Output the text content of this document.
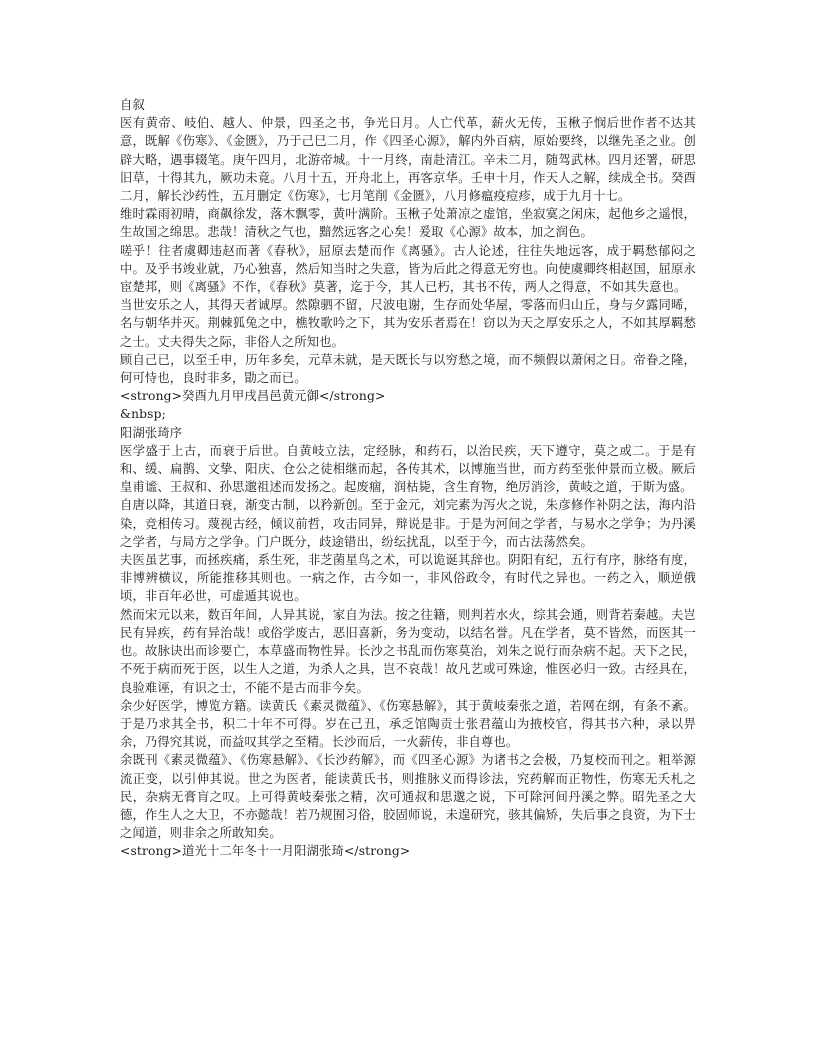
自叙

医有黄帝、岐伯、越人、仲景，四圣之书，争光日月。人亡代革，薪火无传，玉楸子悯后世作者不达其意，既解《伤寒》、《金匮》，乃于己巳二月，作《四圣心源》，解内外百病，原始要终，以继先圣之业。创辟大略，遇事辍笔。庚午四月，北游帝城。十一月终，南赴清江。辛未二月，随驾武林。四月还署，研思旧草，十得其九，厥功未竟。八月十五，开舟北上，再客京华。壬申十月，作天人之解，续成全书。癸酉二月，解长沙药性，五月删定《伤寒》，七月笔削《金匮》，八月修瘟疫痘疹，成于九月十七。

维时霖雨初晴，商飙徐发，落木飘零，黄叶满阶。玉楸子处萧凉之虚馆，坐寂寞之闲床，起他乡之遥恨，生故国之绵思。悲哉！清秋之气也，黯然远客之心矣！爰取《心源》故本，加之润色。

嗟乎！往者虞卿违赵而著《春秋》，屈原去楚而作《离骚》。古人论述，往往失地远客，成于羁愁郁闷之中。及乎书竣业就，乃心独喜，然后知当时之失意，皆为后此之得意无穷也。向使虞卿终相赵国，屈原永宦楚邦，则《离骚》不作，《春秋》莫著，迄于今，其人已朽，其书不传，两人之得意，不如其失意也。

当世安乐之人，其得天者诚厚。然隙驷不留，尺波电谢，生存而处华屋，零落而归山丘，身与夕露同晞，名与朝华并灭。荆棘狐兔之中，樵牧歌吟之下，其为安乐者焉在！窃以为天之厚安乐之人，不如其厚羁愁之士。丈夫得失之际，非俗人之所知也。

顾自己已，以至壬申，历年多矣，元草未就，是天既长与以穷愁之境，而不频假以萧闲之日。帝眷之隆，何可恃也，良时非多，勖之而已。

<strong>癸酉九月甲戌昌邑黄元御</strong>

&nbsp;

阳湖张琦序

医学盛于上古，而衰于后世。自黄岐立法，定经脉，和药石，以治民疾，天下遵守，莫之或二。于是有和、缓、扁鹊、文挚、阳庆、仓公之徒相继而起，各传其术，以博施当世，而方药至张仲景而立极。厥后皇甫谧、王叔和、孙思邈祖述而发扬之。起废痼，润枯毙，含生育物，绝厉消沴，黄岐之道，于斯为盛。

自唐以降，其道日衰，渐变古制，以矜新创。至于金元，刘完素为泻火之说，朱彦修作补阴之法，海内沿染，竞相传习。蔑视古经，倾议前哲，攻击同异，辩说是非。于是为河间之学者，与易水之学争；为丹溪之学者，与局方之学争。门户既分，歧途错出，纷纭扰乱，以至于今，而古法荡然矣。

夫医虽艺事，而拯疾痛，系生死，非芝菌星鸟之术，可以诡诞其辞也。阴阳有纪，五行有序，脉络有度，非博辨横议，所能推移其则也。一病之作，古今如一，非风俗政令，有时代之异也。一药之入，顺逆俄顷，非百年必世，可虚遁其说也。

然而宋元以来，数百年间，人异其说，家自为法。按之往籍，则判若水火，综其会通，则背若秦越。夫岂民有异疾，药有异治哉！或俗学废古，恶旧喜新，务为变动，以结名誉。凡在学者，莫不皆然，而医其一也。故脉诀出而诊要亡，本草盛而物性异。长沙之书乱而伤寒莫治，刘朱之说行而杂病不起。天下之民，不死于病而死于医，以生人之道，为杀人之具，岂不哀哉！故凡艺或可殊途，惟医必归一致。古经具在，良验难诬，有识之士，不能不是古而非今矣。

余少好医学，博览方籍。读黄氏《素灵微蕴》、《伤寒悬解》，其于黄岐秦张之道，若网在纲，有条不紊。于是乃求其全书，积二十年不可得。岁在己丑，承乏馆陶贡士张君蕴山为掖校官，得其书六种，录以畀余，乃得究其说，而益叹其学之至精。长沙而后，一火薪传，非自尊也。

余既刊《素灵微蕴》、《伤寒悬解》、《长沙药解》，而《四圣心源》为诸书之会极，乃复校而刊之。粗举源流正变，以引伸其说。世之为医者，能读黄氏书，则推脉义而得诊法，究药解而正物性，伤寒无夭札之民，杂病无膏肓之叹。上可得黄岐秦张之精，次可通叔和思邈之说，下可除河间丹溪之弊。昭先圣之大德，作生人之大卫，不亦懿哉！若乃规囿习俗，胶固师说，未遑研究，骇其偏矫，失后事之良资，为下士之闻道，则非余之所敢知矣。

<strong>道光十二年冬十一月阳湖张琦</strong>
